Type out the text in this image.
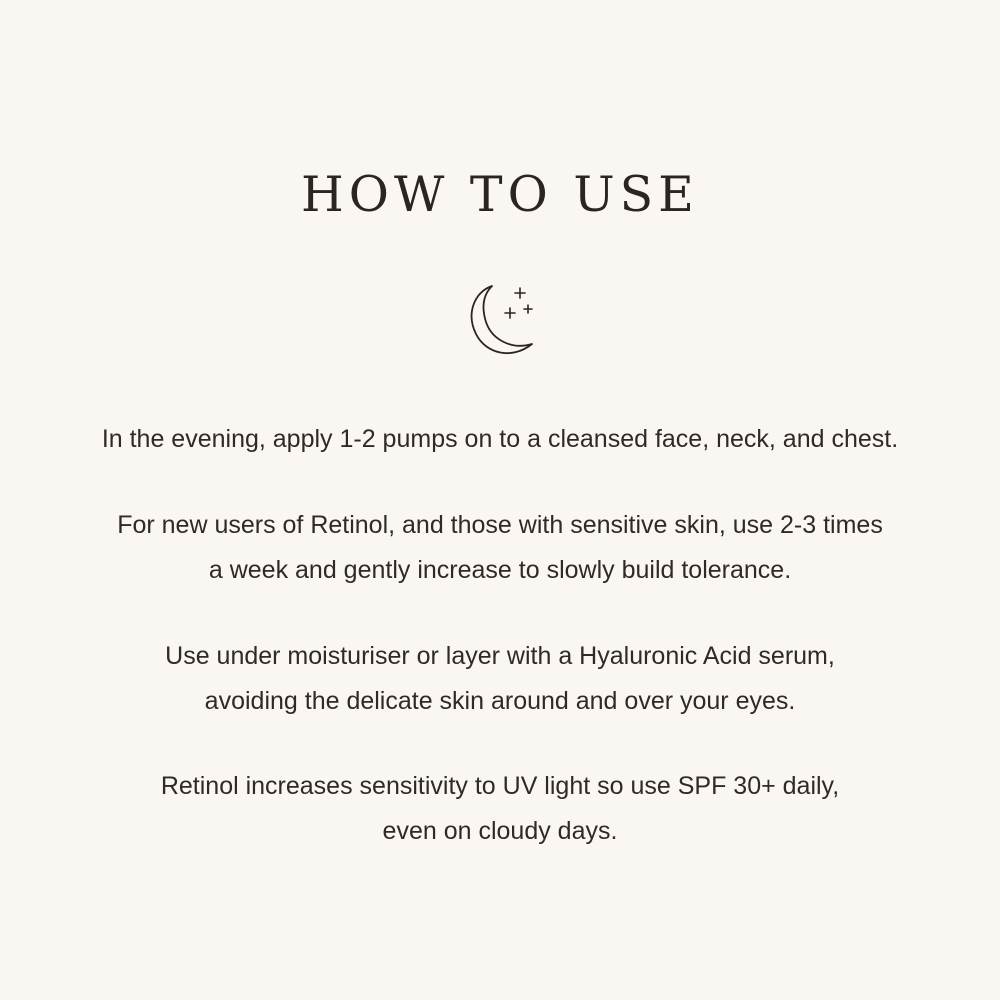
HOW TO USE

In the evening, apply 1-2 pumps on to a cleansed face, neck, and chest.

For new users of Retinol, and those with sensitive skin, use 2-3 times
a week and gently increase to slowly build tolerance.

Use under moisturiser or layer with a Hyaluronic Acid serum,
avoiding the delicate skin around and over your eyes.

Retinol increases sensitivity to UV light so use SPF 30+ daily,
even on cloudy days.
